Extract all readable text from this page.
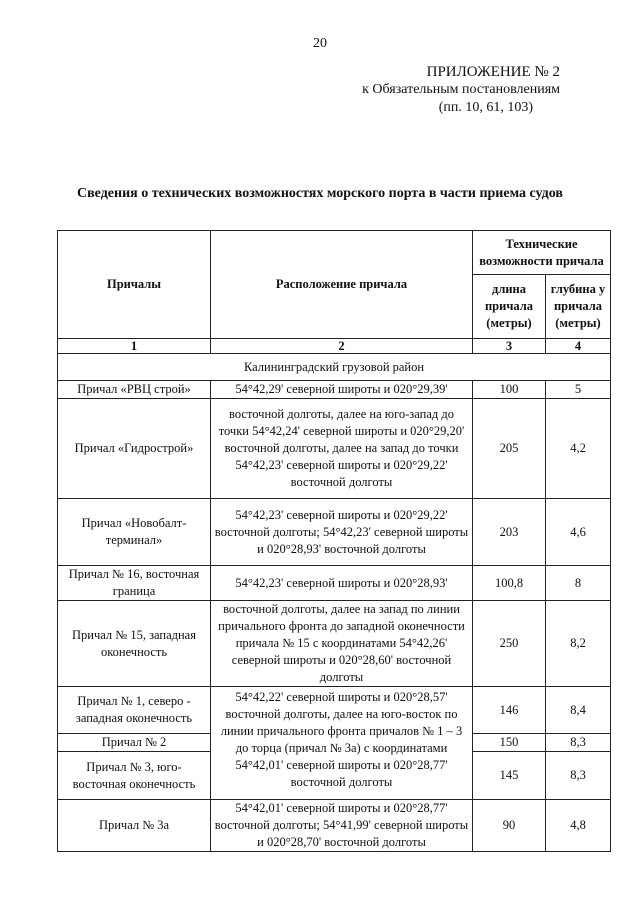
20
ПРИЛОЖЕНИЕ № 2
к Обязательным постановлениям
(пп. 10, 61, 103)
Сведения о технических возможностях морского порта в части приема судов
Причалы	Расположение причала	Технические возможности причала	
		длина причала (метры)	глубина у причала (метры)
1	2	3	4
Калининградский грузовой район			
Причал «РВЦ строй»	54°42,29' северной широты и 020°29,39'	100	5
Причал «Гидрострой»	восточной долготы, далее на юго-запад до точки 54°42,24' северной широты и 020°29,20' восточной долготы, далее на запад до точки 54°42,23' северной широты и 020°29,22' восточной долготы	205	4,2
Причал «Новобалт-терминал»	54°42,23' северной широты и 020°29,22' восточной долготы; 54°42,23' северной широты и 020°28,93' восточной долготы	203	4,6
Причал № 16, восточная граница	54°42,23' северной широты и 020°28,93'	100,8	8
Причал № 15, западная оконечность	восточной долготы, далее на запад по линии причального фронта до западной оконечности причала № 15 с координатами 54°42,26' северной широты и 020°28,60' восточной долготы	250	8,2
Причал № 1, северо - западная оконечность	54°42,22' северной широты и 020°28,57' восточной долготы, далее на юго-восток по линии причального фронта причалов № 1 – 3 до торца (причал № 3а) с координатами 54°42,01' северной широты и 020°28,77' восточной долготы	146	8,4
Причал № 2		150	8,3
Причал № 3, юго-восточная оконечность		145	8,3
Причал № 3а	54°42,01' северной широты и 020°28,77' восточной долготы; 54°41,99' северной широты и 020°28,70' восточной долготы	90	4,8
